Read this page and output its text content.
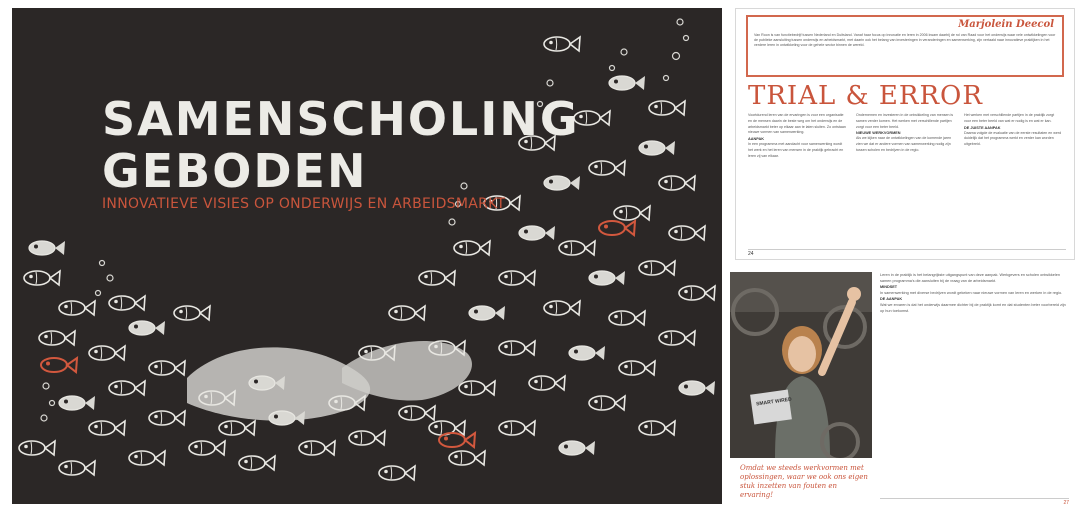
SAMENSCHOLING
GEBODEN
INNOVATIEVE VISIES OP ONDERWIJS EN ARBEIDSMARKT
Marjolein Deecol
Van Roon is van functiebedrijf tussen Nederland en Duitsland. Vanaf haar focus op innovatie en leren in 2006 kwam daarbij de rol van Raad voor het onderwijs waar vele ontwikkelingen voor de publieke aansluiting tussen onderwijs en arbeidsmarkt, met daarin ook het belang van investeringen in veranderingen en samenwerking, zijn vertaald naar innovatieve praktijken in het verdere leren in ontwikkeling voor de gehele sector binnen de wereld.
TRIAL & ERROR
Voortdurend leren van de ervaringen is voor een organisatie en de mensen daarin de beste weg om het onderwijs en de arbeidsmarkt beter op elkaar aan te laten sluiten. Zo ontstaan nieuwe vormen van samenwerking.
AANPAK
In een programma met aandacht voor samenwerking wordt het werk en het leren van mensen in de praktijk gebracht en leren zij van elkaar.
Ondernemen en investeren in de ontwikkeling van mensen is samen verder komen. Het werken met verschillende partijen zorgt voor een beter beeld.
NIEUWE WERKVORMEN
Als we kijken naar de ontwikkelingen van de komende jaren zien we dat er andere vormen van samenwerking nodig zijn tussen scholen en bedrijven in de regio.
Het werken met verschillende partijen in de praktijk zorgt voor een beter beeld van wat er nodig is en wat er kan.
DE JUISTE AANPAK
Daarna volgde de evaluatie van de eerste resultaten en werd duidelijk dat het programma werkt en verder kan worden uitgebreid.
24
SMART WIRED
Omdat we steeds werkvormen met oplossingen, waar we ook ons eigen stuk inzetten van fouten en ervaring!
Leren in de praktijk is het belangrijkste uitgangspunt van deze aanpak. Werkgevers en scholen ontwikkelen samen programma's die aansluiten bij de vraag van de arbeidsmarkt.
MINDSET
In samenwerking met diverse bedrijven wordt gekeken naar nieuwe vormen van leren en werken in de regio.
DE AANPAK
Wat we ervaren is dat het onderwijs daarmee dichter bij de praktijk komt en dat studenten beter voorbereid zijn op hun toekomst.
27
